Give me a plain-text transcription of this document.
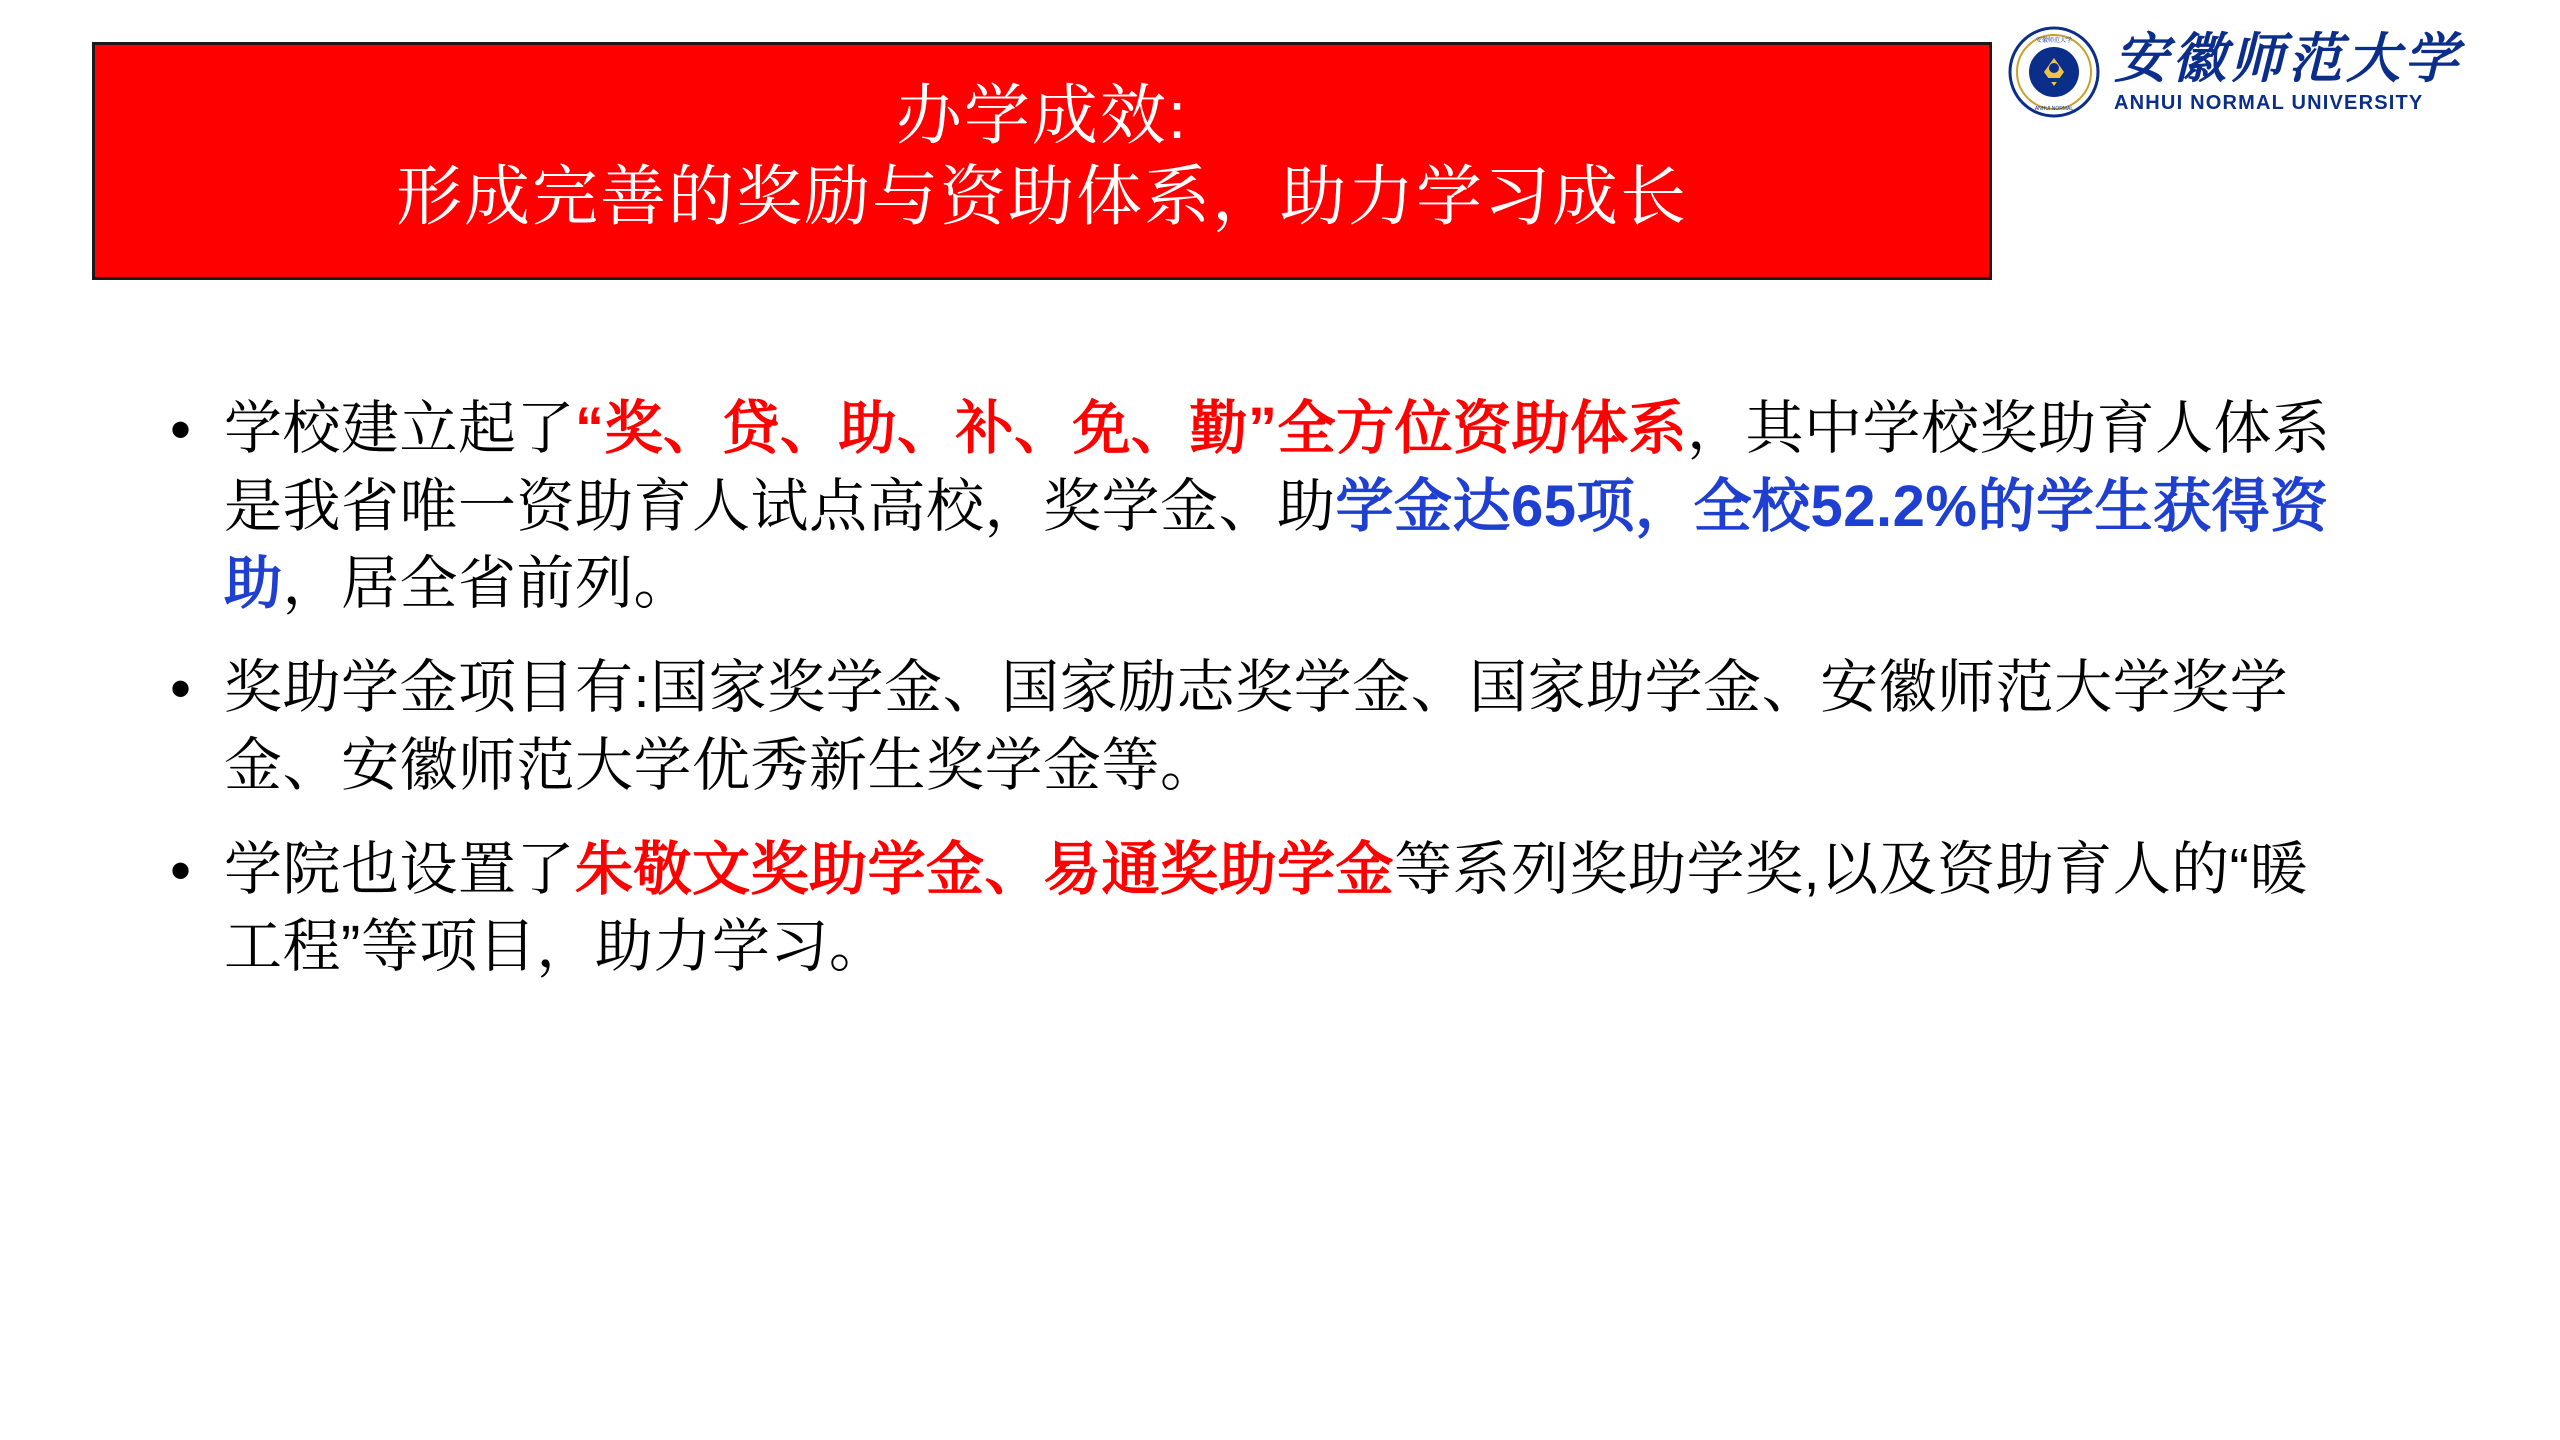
办学成效:
形成完善的奖励与资助体系，助力学习成长
安徽师范大学
ANHUI NORMAL
安徽师范大学
ANHUI NORMAL UNIVERSITY
• 学校建立起了“奖、贷、助、补、免、勤”全方位资助体系，其中学校奖助育人体系是我省唯一资助育人试点高校，奖学金、助学金达65项，全校52.2%的学生获得资助，居全省前列。
• 奖助学金项目有:国家奖学金、国家励志奖学金、国家助学金、安徽师范大学奖学金、安徽师范大学优秀新生奖学金等。
• 学院也设置了朱敬文奖助学金、易通奖助学金等系列奖助学奖,以及资助育人的“暖工程”等项目，助力学习。
